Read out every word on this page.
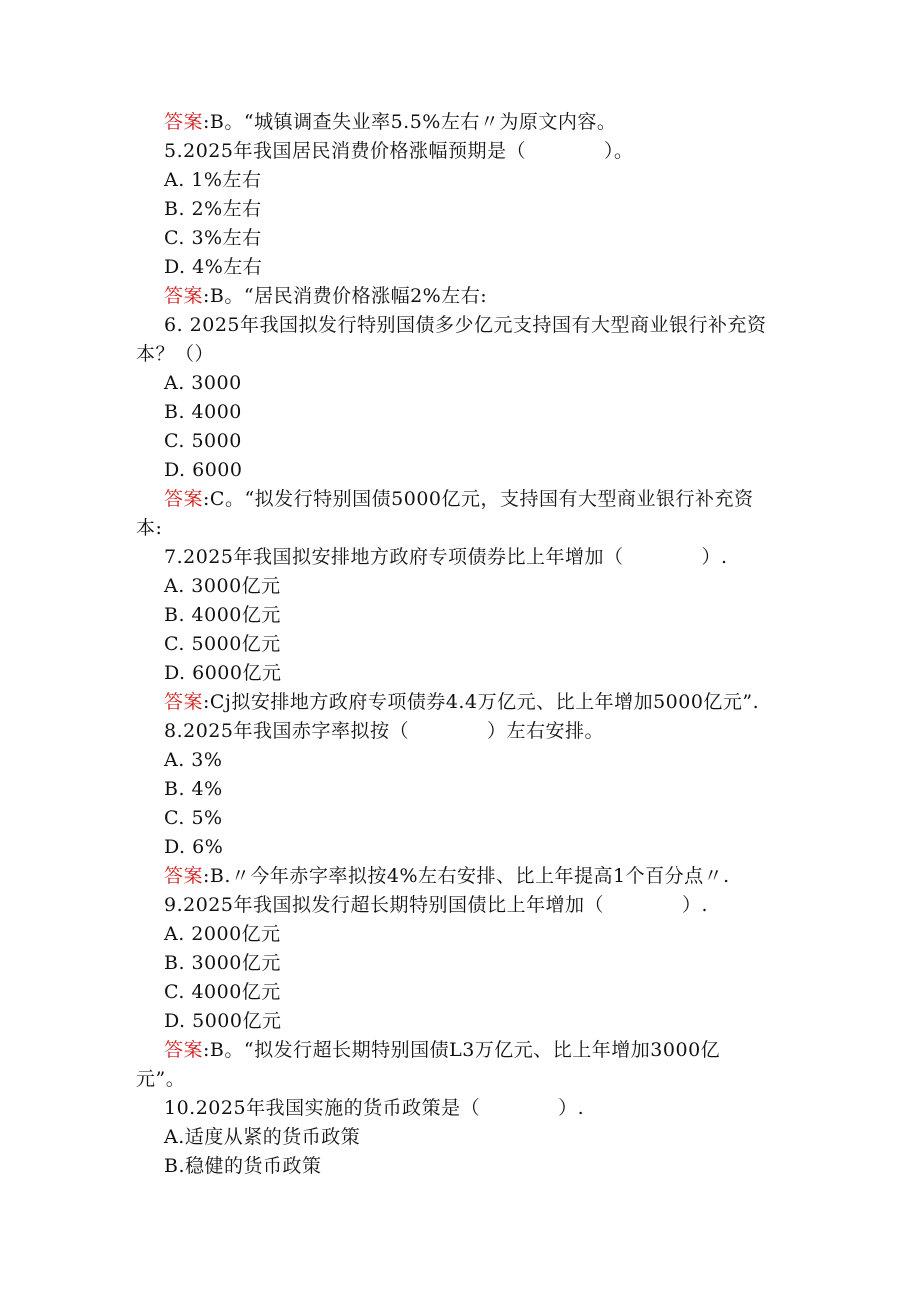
答案:B。“城镇调查失业率5.5%左右〃为原文内容。
5.2025年我国居民消费价格涨幅预期是（　　　　）。
A. 1%左右
B. 2%左右
C. 3%左右
D. 4%左右
答案:B。“居民消费价格涨幅2%左右:
6. 2025年我国拟发行特别国债多少亿元支持国有大型商业银行补充资
本？（）
A. 3000
B. 4000
C. 5000
D. 6000
答案:C。“拟发行特别国债5000亿元，支持国有大型商业银行补充资
本:
7.2025年我国拟安排地方政府专项债券比上年增加（　　　　）.
A. 3000亿元
B. 4000亿元
C. 5000亿元
D. 6000亿元
答案:Cj拟安排地方政府专项债券4.4万亿元、比上年增加5000亿元”.
8.2025年我国赤字率拟按（　　　　）左右安排。
A. 3%
B. 4%
C. 5%
D. 6%
答案:B.〃今年赤字率拟按4%左右安排、比上年提高1个百分点〃.
9.2025年我国拟发行超长期特别国债比上年增加（　　　　）.
A. 2000亿元
B. 3000亿元
C. 4000亿元
D. 5000亿元
答案:B。“拟发行超长期特别国债L3万亿元、比上年增加3000亿
元”。
10.2025年我国实施的货币政策是（　　　　）.
A.适度从紧的货币政策
B.稳健的货币政策
